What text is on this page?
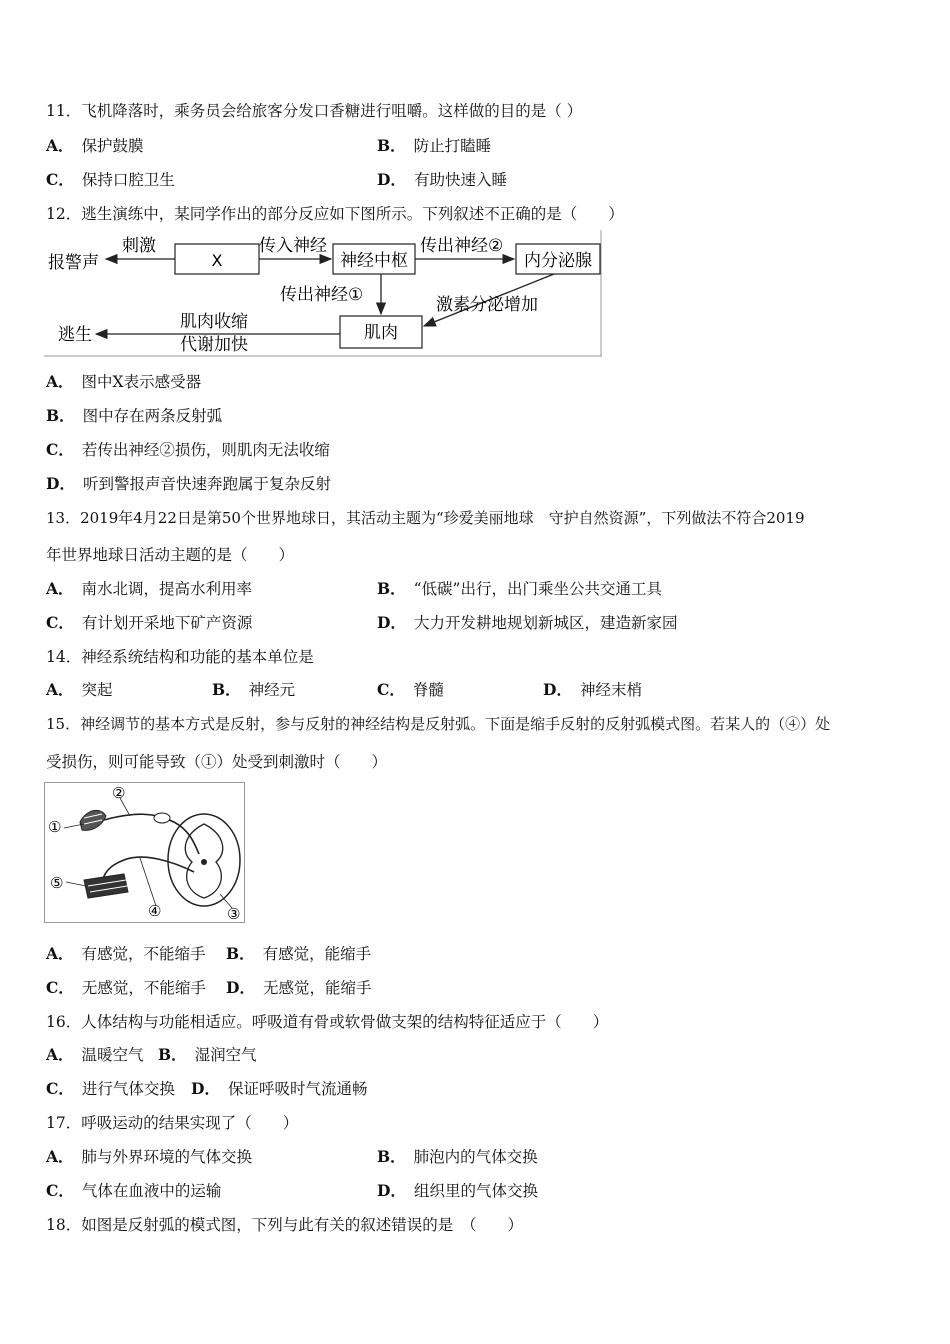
11．飞机降落时，乘务员会给旅客分发口香糖进行咀嚼。这样做的目的是（ ）
A． 保护鼓膜	B． 防止打瞌睡
C． 保持口腔卫生	D． 有助快速入睡
12．逃生演练中，某同学作出的部分反应如下图所示。下列叙述不正确的是（　　）
X	神经中枢	内分泌腺
肌肉
报警声
刺激	传入神经	传出神经②
传出神经①	激素分泌增加
肌肉收缩
代谢加快
逃生
A． 图中X表示感受器
B． 图中存在两条反射弧
C． 若传出神经②损伤，则肌肉无法收缩
D． 听到警报声音快速奔跑属于复杂反射
13．2019年4月22日是第50个世界地球日，其活动主题为“珍爱美丽地球　守护自然资源”，下列做法不符合2019
年世界地球日活动主题的是（　　）
A． 南水北调，提高水利用率	B． “低碳”出行，出门乘坐公共交通工具
C． 有计划开采地下矿产资源	D． 大力开发耕地规划新城区，建造新家园
14．神经系统结构和功能的基本单位是
A． 突起	B． 神经元	C． 脊髓	D． 神经末梢
15．神经调节的基本方式是反射，参与反射的神经结构是反射弧。下面是缩手反射的反射弧模式图。若某人的（④）处
受损伤，则可能导致（①）处受到刺激时（　　）
①
②
③
④
⑤
A． 有感觉，不能缩手 B． 有感觉，能缩手
C． 无感觉，不能缩手 D． 无感觉，能缩手
16．人体结构与功能相适应。呼吸道有骨或软骨做支架的结构特征适应于（　　）
A． 温暖空气 B． 湿润空气
C． 进行气体交换 D． 保证呼吸时气流通畅
17．呼吸运动的结果实现了（　　）
A． 肺与外界环境的气体交换	B． 肺泡内的气体交换
C． 气体在血液中的运输	D． 组织里的气体交换
18．如图是反射弧的模式图，下列与此有关的叙述错误的是　（　　）
